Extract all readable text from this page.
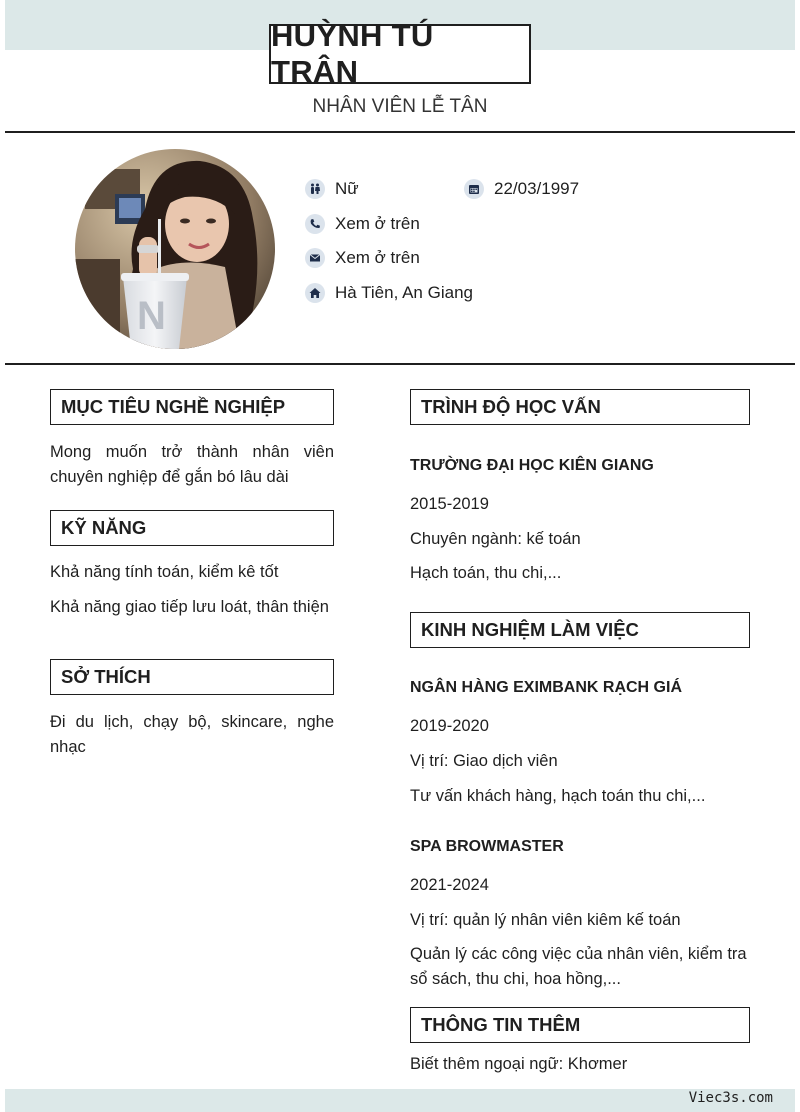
HUỲNH TÚ TRÂN
NHÂN VIÊN LỄ TÂN
N
Nữ	22/03/1997
Xem ở trên
Xem ở trên
Hà Tiên, An Giang
MỤC TIÊU NGHỀ NGHIỆP
Mong muốn trở thành nhân viên chuyên nghiệp để gắn bó lâu dài
KỸ NĂNG
Khả năng tính toán, kiểm kê tốt
Khả năng giao tiếp lưu loát, thân thiện
SỞ THÍCH
Đi du lịch, chạy bộ, skincare, nghe nhạc
TRÌNH ĐỘ HỌC VẤN
TRƯỜNG ĐẠI HỌC KIÊN GIANG
2015-2019
Chuyên ngành: kế toán
Hạch toán, thu chi,...
KINH NGHIỆM LÀM VIỆC
NGÂN HÀNG EXIMBANK RẠCH GIÁ
2019-2020
Vị trí: Giao dịch viên
Tư vấn khách hàng, hạch toán thu chi,...
SPA BROWMASTER
2021-2024
Vị trí: quản lý nhân viên kiêm kế toán
Quản lý các công việc của nhân viên, kiểm tra sổ sách, thu chi, hoa hồng,...
THÔNG TIN THÊM
Biết thêm ngoại ngữ: Khơmer
Viec3s.com
